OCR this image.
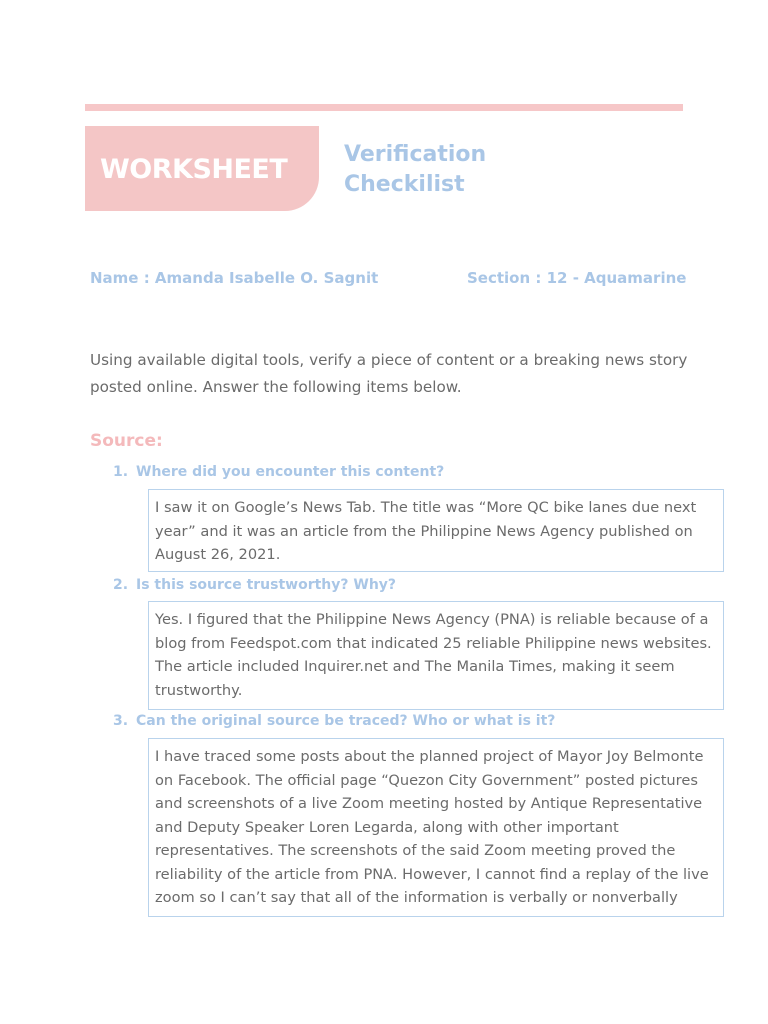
WORKSHEET	Verification
Checkilist
Name : Amanda Isabelle O. Sagnit	Section : 12 - Aquamarine
Using available digital tools, verify a piece of content or a breaking news story posted online. Answer the following items below.
Source:
1. Where did you encounter this content?
I saw it on Google’s News Tab. The title was “More QC bike lanes due next year” and it was an article from the Philippine News Agency published on August 26, 2021.
2. Is this source trustworthy? Why?
Yes. I figured that the Philippine News Agency (PNA) is reliable because of a blog from Feedspot.com that indicated 25 reliable Philippine news websites. The article included Inquirer.net and The Manila Times, making it seem trustworthy.
3. Can the original source be traced? Who or what is it?
I have traced some posts about the planned project of Mayor Joy Belmonte on Facebook. The official page “Quezon City Government” posted pictures and screenshots of a live Zoom meeting hosted by Antique Representative and Deputy Speaker Loren Legarda, along with other important representatives. The screenshots of the said Zoom meeting proved the reliability of the article from PNA. However, I cannot find a replay of the live zoom so I can’t say that all of the information is verbally or nonverbally
